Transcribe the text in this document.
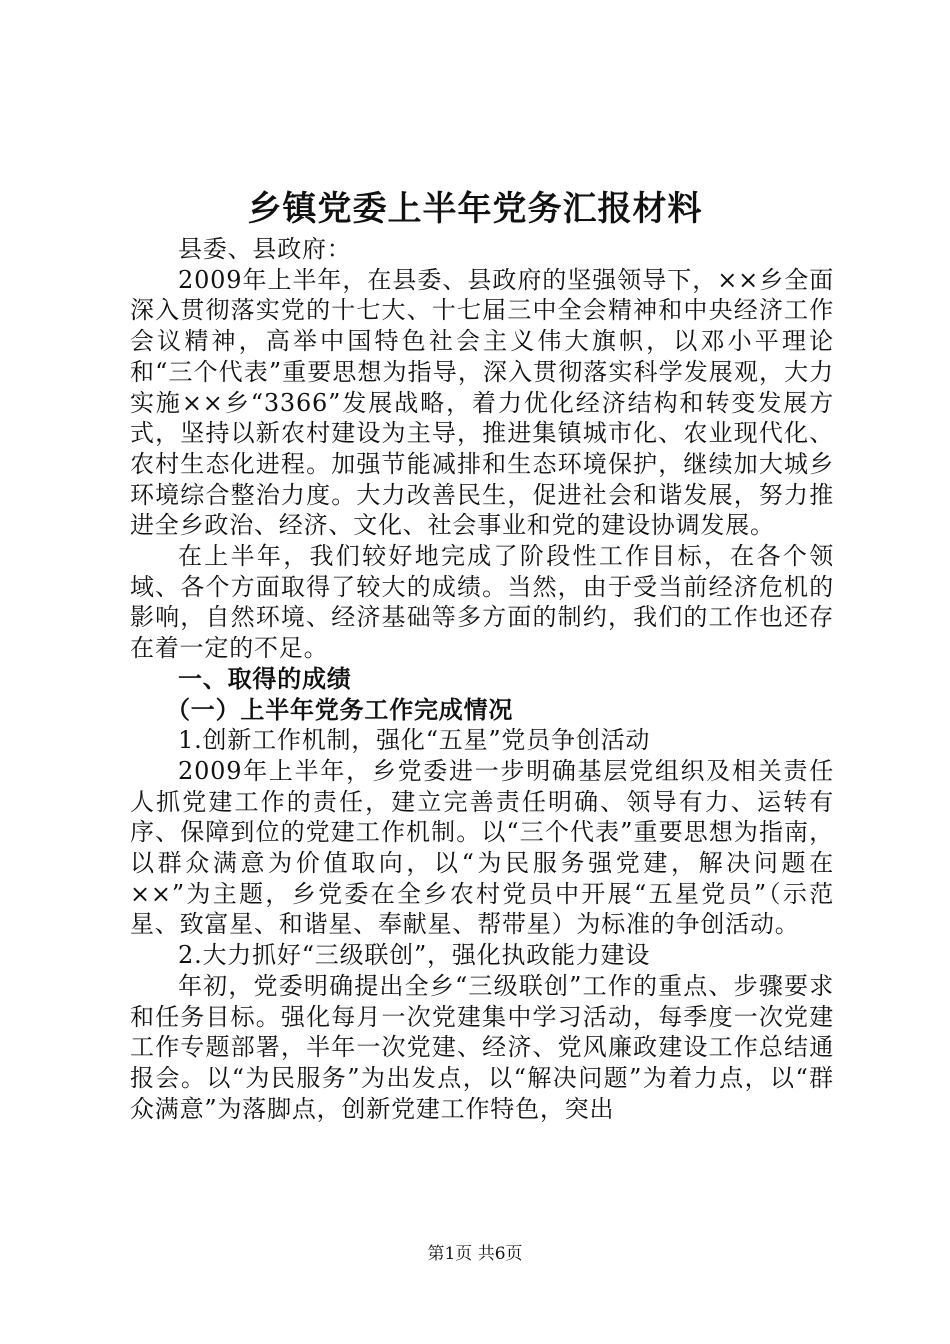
乡镇党委上半年党务汇报材料

县委、县政府：

2009年上半年，在县委、县政府的坚强领导下，××乡全面深入贯彻落实党的十七大、十七届三中全会精神和中央经济工作会议精神，高举中国特色社会主义伟大旗帜，以邓小平理论和“三个代表”重要思想为指导，深入贯彻落实科学发展观，大力实施××乡“3366”发展战略，着力优化经济结构和转变发展方式，坚持以新农村建设为主导，推进集镇城市化、农业现代化、农村生态化进程。加强节能减排和生态环境保护，继续加大城乡环境综合整治力度。大力改善民生，促进社会和谐发展，努力推进全乡政治、经济、文化、社会事业和党的建设协调发展。

在上半年，我们较好地完成了阶段性工作目标，在各个领域、各个方面取得了较大的成绩。当然，由于受当前经济危机的影响，自然环境、经济基础等多方面的制约，我们的工作也还存在着一定的不足。

一、取得的成绩

（一）上半年党务工作完成情况

1.创新工作机制，强化“五星”党员争创活动

2009年上半年，乡党委进一步明确基层党组织及相关责任人抓党建工作的责任，建立完善责任明确、领导有力、运转有序、保障到位的党建工作机制。以“三个代表”重要思想为指南，以群众满意为价值取向，以“为民服务强党建，解决问题在××”为主题，乡党委在全乡农村党员中开展“五星党员”（示范星、致富星、和谐星、奉献星、帮带星）为标准的争创活动。

2.大力抓好“三级联创”，强化执政能力建设

年初，党委明确提出全乡“三级联创”工作的重点、步骤要求和任务目标。强化每月一次党建集中学习活动，每季度一次党建工作专题部署，半年一次党建、经济、党风廉政建设工作总结通报会。以“为民服务”为出发点，以“解决问题”为着力点，以“群众满意”为落脚点，创新党建工作特色，突出

第1页 共6页
